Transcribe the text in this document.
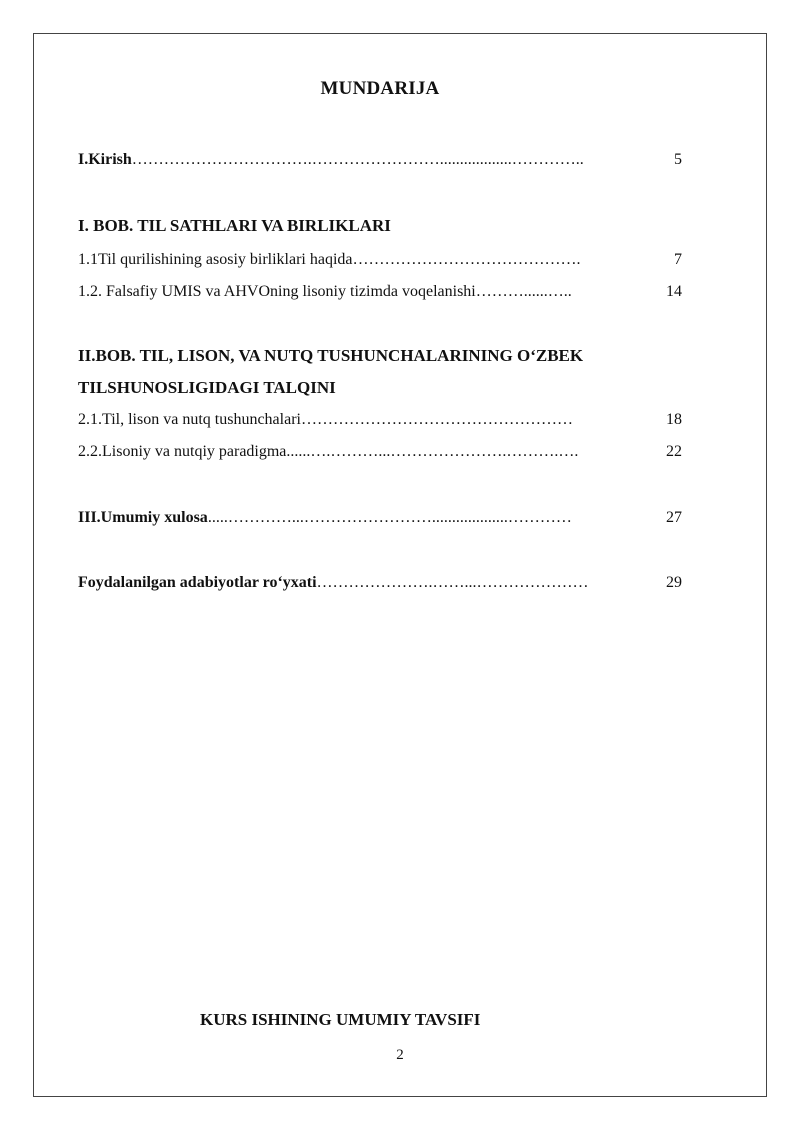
MUNDARIJA
I.Kirish …………………………….……………………..................…………..	5
I. BOB. TIL SATHLARI VA BIRLIKLARI
1.1Til qurilishining asosiy birliklari haqida …………………………………….	7
1.2. Falsafiy UMIS va AHVOning lisoniy tizimda voqelanishi ………......…..	14
II.BOB. TIL, LISON, VA NUTQ TUSHUNCHALARINING O‘ZBEK
TILSHUNOSLIGIDAGI TALQINI
2.1.Til, lison va nutq tushunchalari ……………………………………………	18
2.2.Lisoniy va nutqiy paradigma ......….………...………………….……….….	22
III.Umumiy xulosa .....…………...……………………...................…………	27
Foydalanilgan adabiyotlar ro‘yxati ………………….……...…………………	29
KURS ISHINING UMUMIY TAVSIFI
2
